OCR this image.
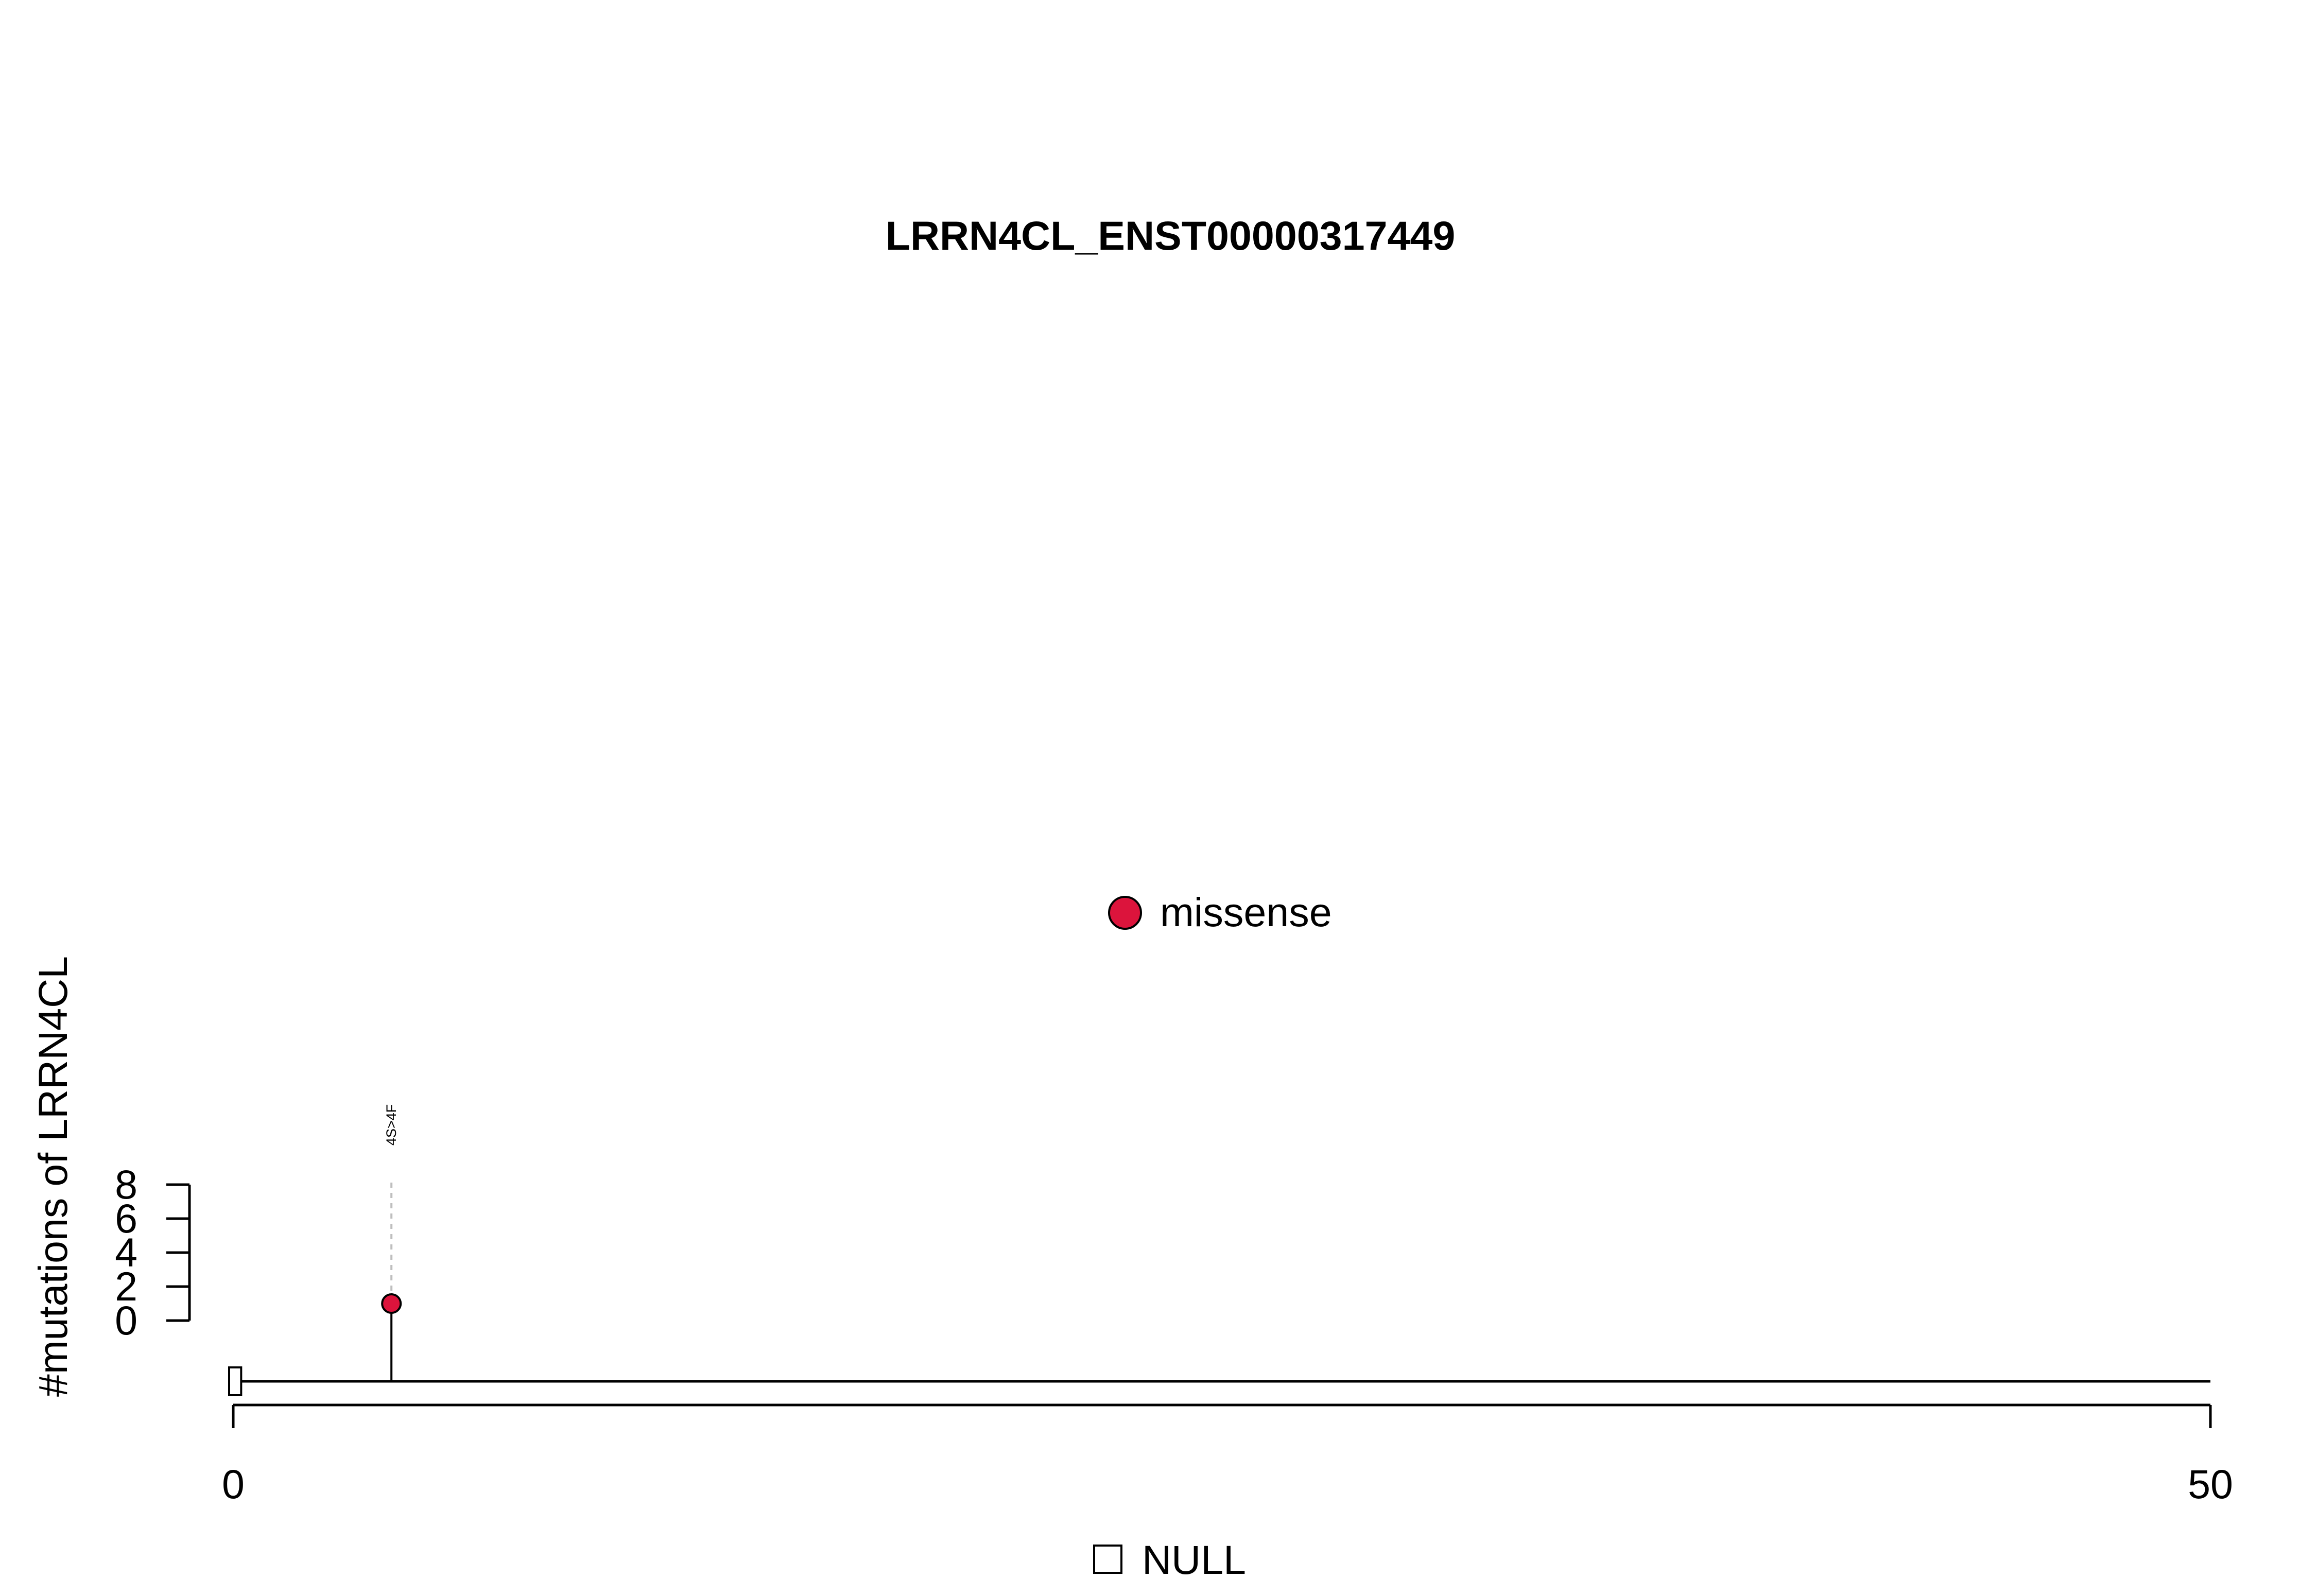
LRRN4CL_ENST00000317449
missense
#mutations of LRRN4CL 0
2
4
6
8
4S>4F
0	50
NULL
